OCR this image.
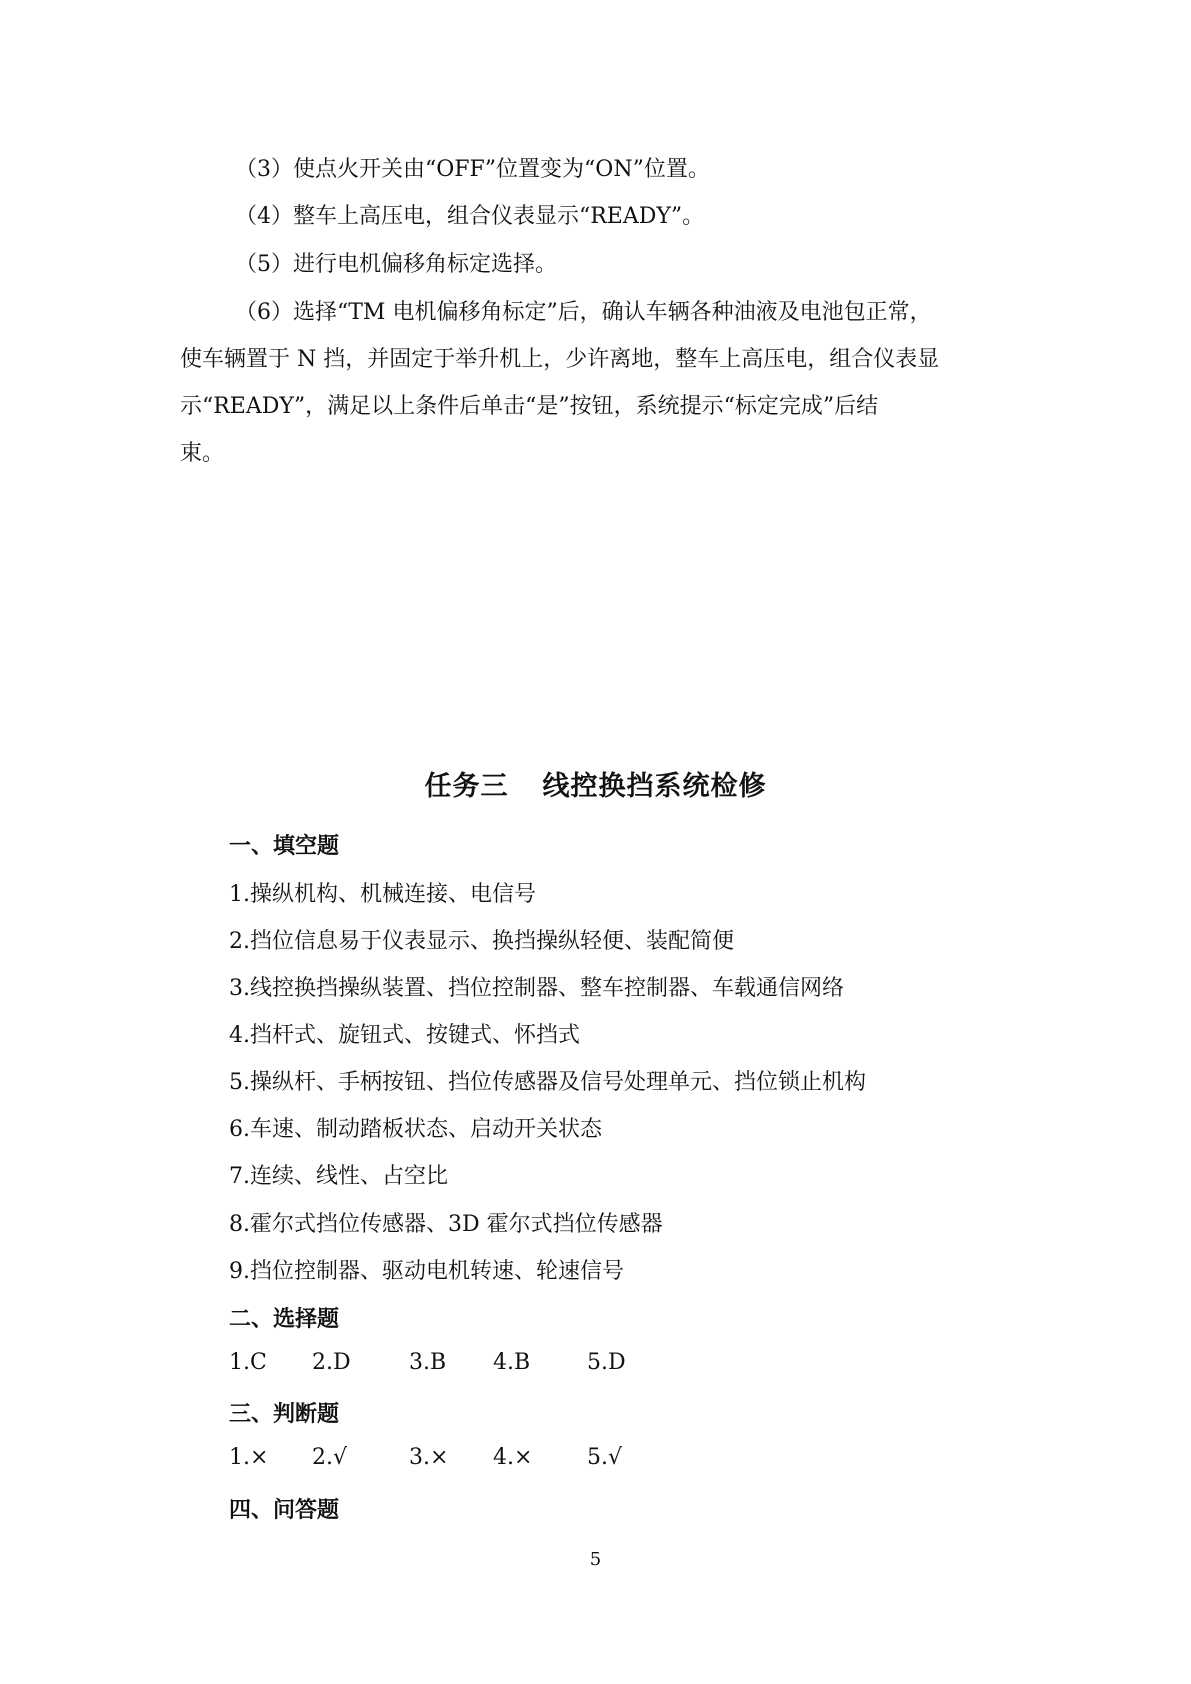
（3）使点火开关由“OFF”位置变为“ON”位置。

（4）整车上高压电，组合仪表显示“READY”。

（5）进行电机偏移角标定选择。

（6）选择“TM 电机偏移角标定”后，确认车辆各种油液及电池包正常，
使车辆置于 N 挡，并固定于举升机上，少许离地，整车上高压电，组合仪表显
示“READY”，满足以上条件后单击“是”按钮，系统提示“标定完成”后结
束。
任务三 线控换挡系统检修
一、填空题
1.操纵机构、机械连接、电信号
2.挡位信息易于仪表显示、换挡操纵轻便、装配简便
3.线控换挡操纵装置、挡位控制器、整车控制器、车载通信网络
4.挡杆式、旋钮式、按键式、怀挡式
5.操纵杆、手柄按钮、挡位传感器及信号处理单元、挡位锁止机构
6.车速、制动踏板状态、启动开关状态
7.连续、线性、占空比
8.霍尔式挡位传感器、3D 霍尔式挡位传感器
9.挡位控制器、驱动电机转速、轮速信号
二、选择题
1.C 2.D	3.B 4.B	5.D
三、判断题
1.× 2.√	3.× 4.× 5.√
四、问答题
5
